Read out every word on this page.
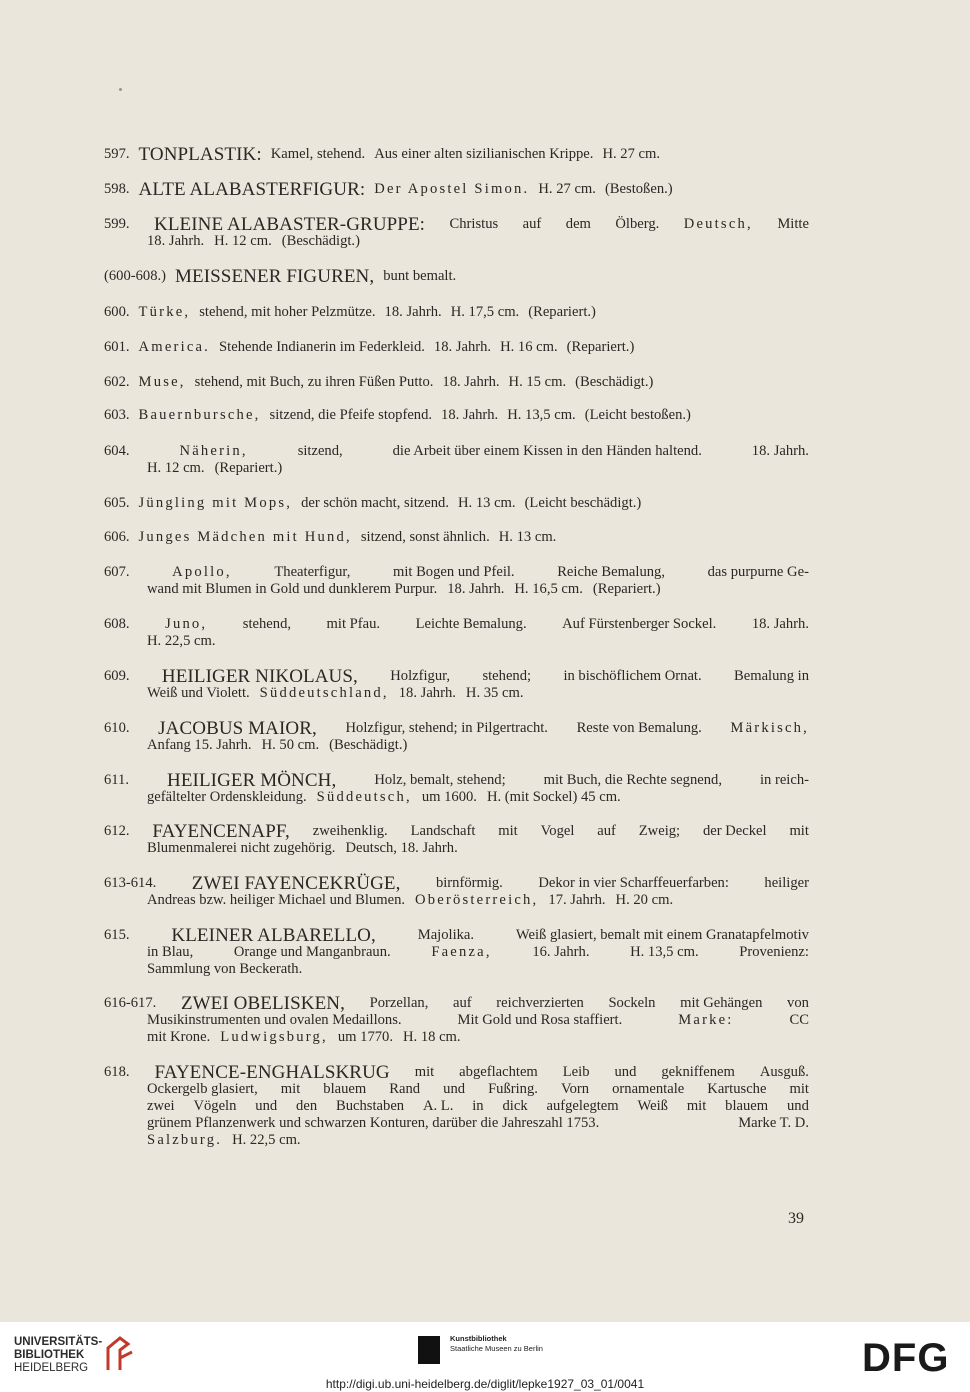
597. TONPLASTIK: Kamel, stehend. Aus einer alten sizilianischen Krippe. H. 27 cm.
598. ALTE ALABASTERFIGUR: Der Apostel Simon. H. 27 cm. (Bestoßen.)
599. KLEINE ALABASTER-GRUPPE: Christus auf dem Ölberg. Deutsch, Mitte
18. Jahrh. H. 12 cm. (Beschädigt.)
(600-608.) MEISSENER FIGUREN, bunt bemalt.
600. Türke, stehend, mit hoher Pelzmütze. 18. Jahrh. H. 17,5 cm. (Repariert.)
601. America. Stehende Indianerin im Federkleid. 18. Jahrh. H. 16 cm. (Repariert.)
602. Muse, stehend, mit Buch, zu ihren Füßen Putto. 18. Jahrh. H. 15 cm. (Beschädigt.)
603. Bauernbursche, sitzend, die Pfeife stopfend. 18. Jahrh. H. 13,5 cm. (Leicht bestoßen.)
604.	Näherin,	sitzend,	die Arbeit über einem Kissen in den Händen haltend.	18. Jahrh.
H. 12 cm. (Repariert.)
605. Jüngling mit Mops, der schön macht, sitzend. H. 13 cm. (Leicht beschädigt.)
606. Junges Mädchen mit Hund, sitzend, sonst ähnlich. H. 13 cm.
607.	Apollo,	Theaterfigur,	mit Bogen und Pfeil.	Reiche Bemalung,	das purpurne Ge-
wand mit Blumen in Gold und dunklerem Purpur. 18. Jahrh. H. 16,5 cm. (Repariert.)
608. Juno, stehend, mit Pfau. Leichte Bemalung. Auf Fürstenberger Sockel. 18. Jahrh.
H. 22,5 cm.
609. HEILIGER NIKOLAUS, Holzfigur, stehend; in bischöflichem Ornat. Bemalung in
Weiß und Violett. Süddeutschland, 18. Jahrh. H. 35 cm.
610. JACOBUS MAIOR, Holzfigur, stehend; in Pilgertracht. Reste von Bemalung. Märkisch,
Anfang 15. Jahrh. H. 50 cm. (Beschädigt.)
611. HEILIGER MÖNCH,	Holz, bemalt, stehend;	mit Buch, die Rechte segnend,	in reich-
gefältelter Ordenskleidung. Süddeutsch, um 1600. H. (mit Sockel) 45 cm.
612. FAYENCENAPF, zweihenklig. Landschaft mit Vogel auf Zweig; der Deckel mit
Blumenmalerei nicht zugehörig. Deutsch, 18. Jahrh.
613-614. ZWEI FAYENCEKRÜGE, birnförmig. Dekor in vier Scharffeuerfarben: heiliger
Andreas bzw. heiliger Michael und Blumen. Oberösterreich, 17. Jahrh. H. 20 cm.
615. KLEINER ALBARELLO,	Majolika.	Weiß glasiert, bemalt mit einem Granatapfelmotiv
in Blau,	Orange und Manganbraun.	Faenza,	16. Jahrh.	H. 13,5 cm.	Provenienz:
Sammlung von Beckerath.
616-617. ZWEI OBELISKEN, Porzellan, auf reichverzierten Sockeln mit Gehängen von
Musikinstrumenten und ovalen Medaillons.	Mit Gold und Rosa staffiert.	Marke:	CC
mit Krone. Ludwigsburg, um 1770. H. 18 cm.
618. FAYENCE-ENGHALSKRUG mit abgeflachtem Leib und gekniffenem Ausguß.
Ockergelb glasiert, mit blauem Rand und Fußring. Vorn ornamentale Kartusche mit
zwei Vögeln und den Buchstaben A. L. in dick aufgelegtem Weiß mit blauem und
grünem Pflanzenwerk und schwarzen Konturen, darüber die Jahreszahl 1753.	Marke T. D.
Salzburg. H. 22,5 cm.
39
UNIVERSITÄTS-
BIBLIOTHEK
HEIDELBERG
Kunstbibliothek
Staatliche Museen zu Berlin	DFG
http://digi.ub.uni-heidelberg.de/diglit/lepke1927_03_01/0041
